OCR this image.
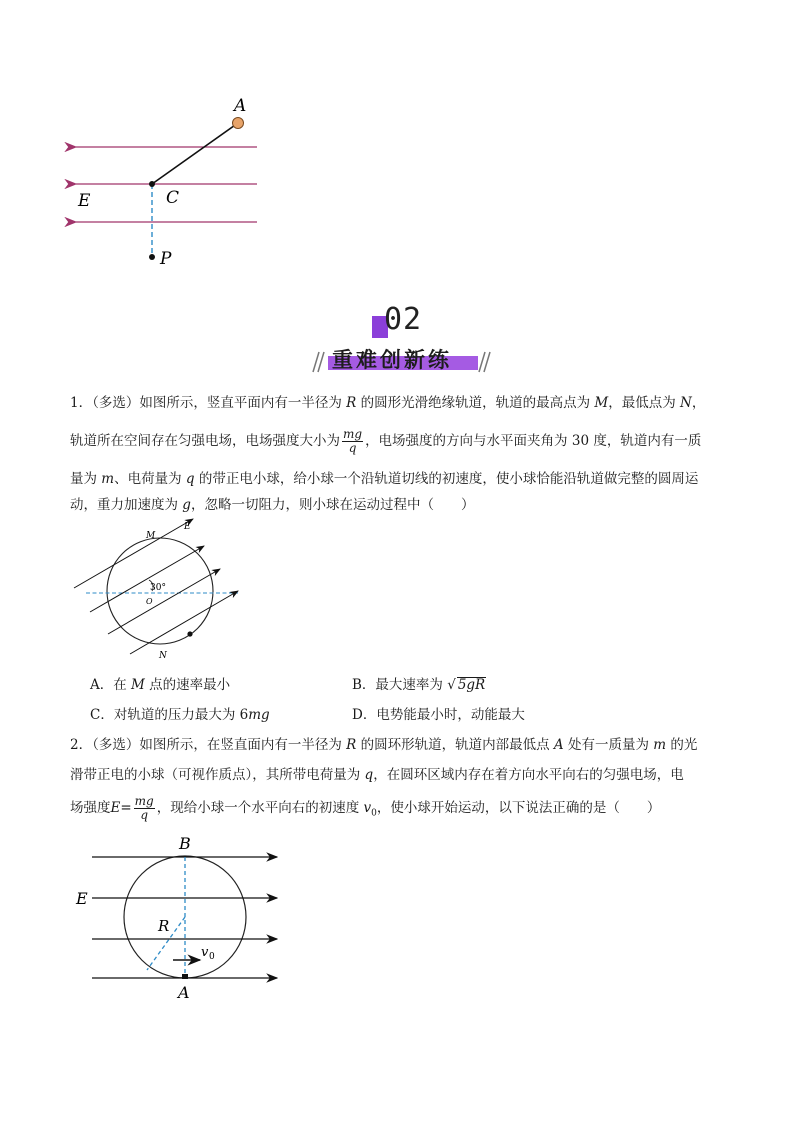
A
C
E
P
02
重难创新练
1．（多选）如图所示，竖直平面内有一半径为 R 的圆形光滑绝缘轨道，轨道的最高点为 M，最低点为 N，
轨道所在空间存在匀强电场，电场强度大小为 $\frac{mg}{q}$ ，电场强度的方向与水平面夹角为 30 度，轨道内有一质
量为 m、电荷量为 q 的带正电小球，给小球一个沿轨道切线的初速度，使小球恰能沿轨道做完整的圆周运
动，重力加速度为 g，忽略一切阻力，则小球在运动过程中（　　）
30°
O
M
E
N
A．在 M 点的速率最小	B．最大速率为 √ 5gR
C．对轨道的压力最大为 6mg	D．电势能最小时，动能最大
2．（多选）如图所示，在竖直面内有一半径为 R 的圆环形轨道，轨道内部最低点 A 处有一质量为 m 的光
滑带正电的小球（可视作质点），其所带电荷量为 q，在圆环区域内存在着方向水平向右的匀强电场，电
场强度$E= \frac{mg}{q}$ ，现给小球一个水平向右的初速度 $v_0$，使小球开始运动，以下说法正确的是（　　）
B
E
R
v 0
A
